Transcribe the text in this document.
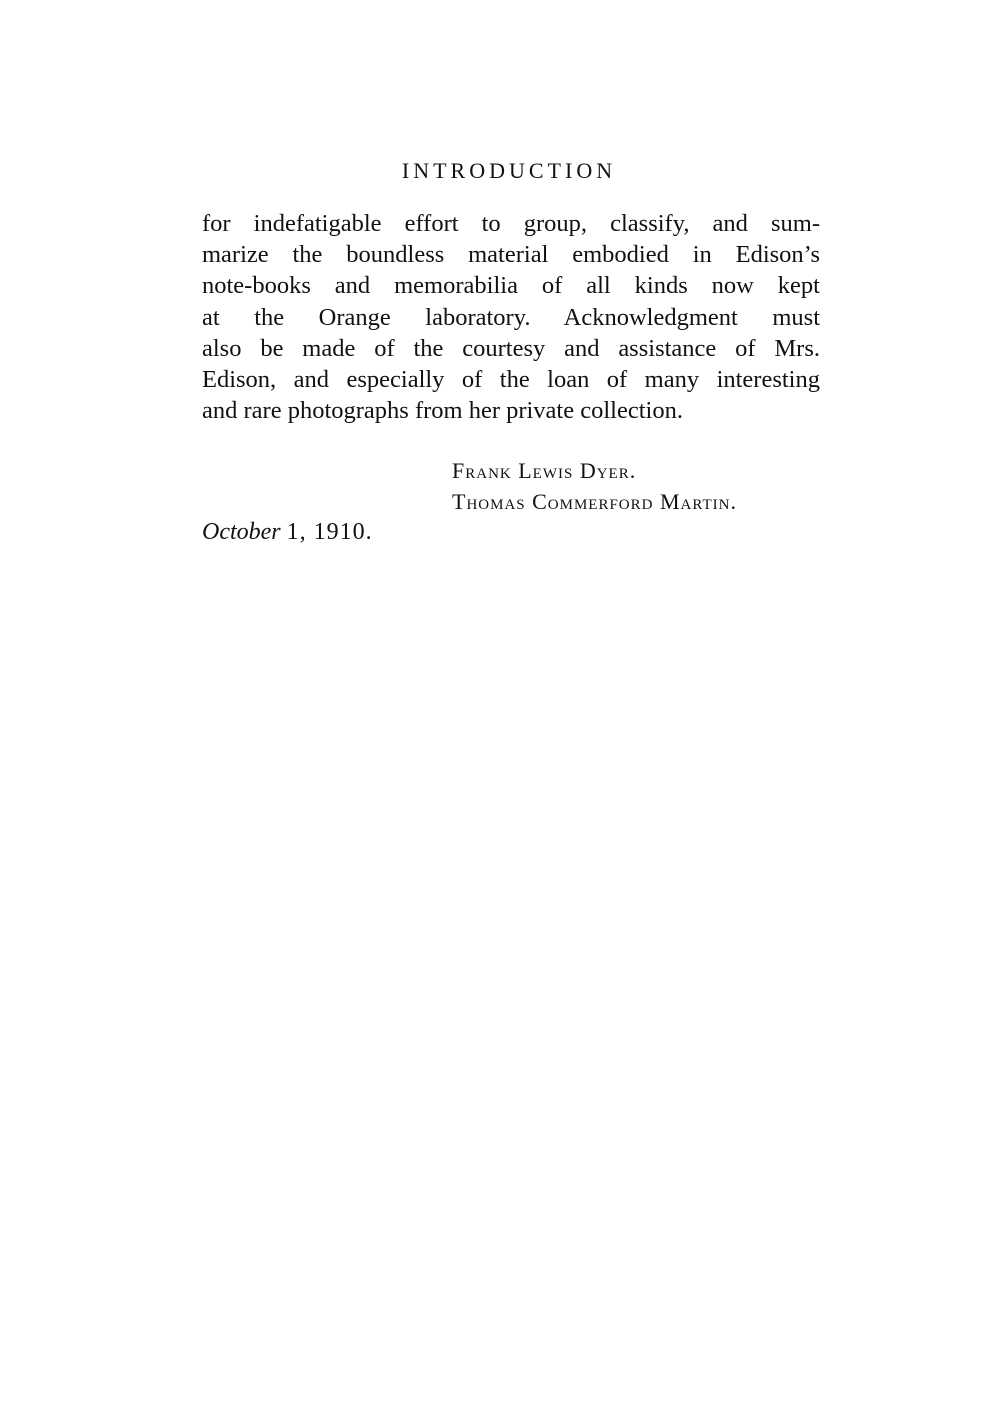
INTRODUCTION

for indefatigable effort to group, classify, and sum-
marize the boundless material embodied in Edison’s
note-books and memorabilia of all kinds now kept
at the Orange laboratory. Acknowledgment must
also be made of the courtesy and assistance of Mrs.
Edison, and especially of the loan of many interesting
and rare photographs from her private collection.

Frank Lewis Dyer.
Thomas Commerford Martin.
October 1, 1910.
